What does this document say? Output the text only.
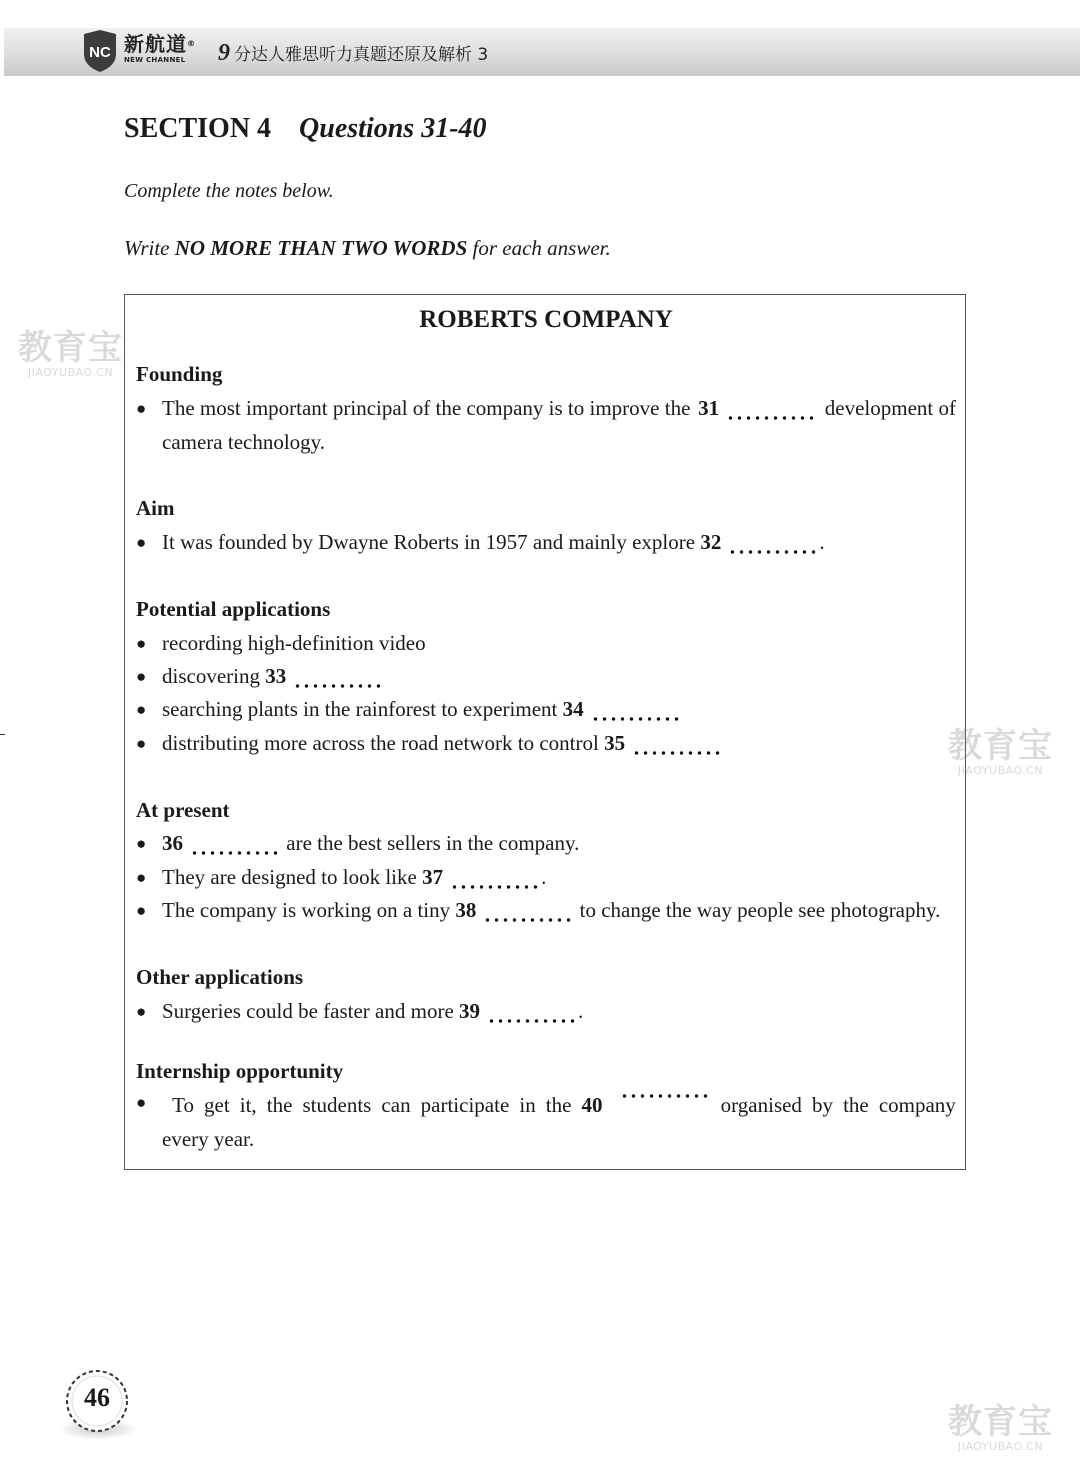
NC 新航道®
NEW CHANNEL	9 分达人雅思听力真题还原及解析 3
SECTION 4 Questions 31-40
Complete the notes below.
Write NO MORE THAN TWO WORDS for each answer.
ROBERTS COMPANY
Founding
● The most important principal of the company is to improve the 31	development of
camera technology.
Aim
● It was founded by Dwayne Roberts in 1957 and mainly explore 32	.
Potential applications
● recording high-definition video
● discovering 33
● searching plants in the rainforest to experiment 34
● distributing more across the road network to control 35
At present
● 36	are the best sellers in the company.
● They are designed to look like 37	.
● The company is working on a tiny 38	to change the way people see photography.
Other applications
● Surgeries could be faster and more 39	.
Internship opportunity
●	To get it, the students can participate in the 40	organised by the company
every year.
教育宝
JIAOYUBAO.CN
教育宝
JIAOYUBAO.CN
教育宝
JIAOYUBAO.CN
46
